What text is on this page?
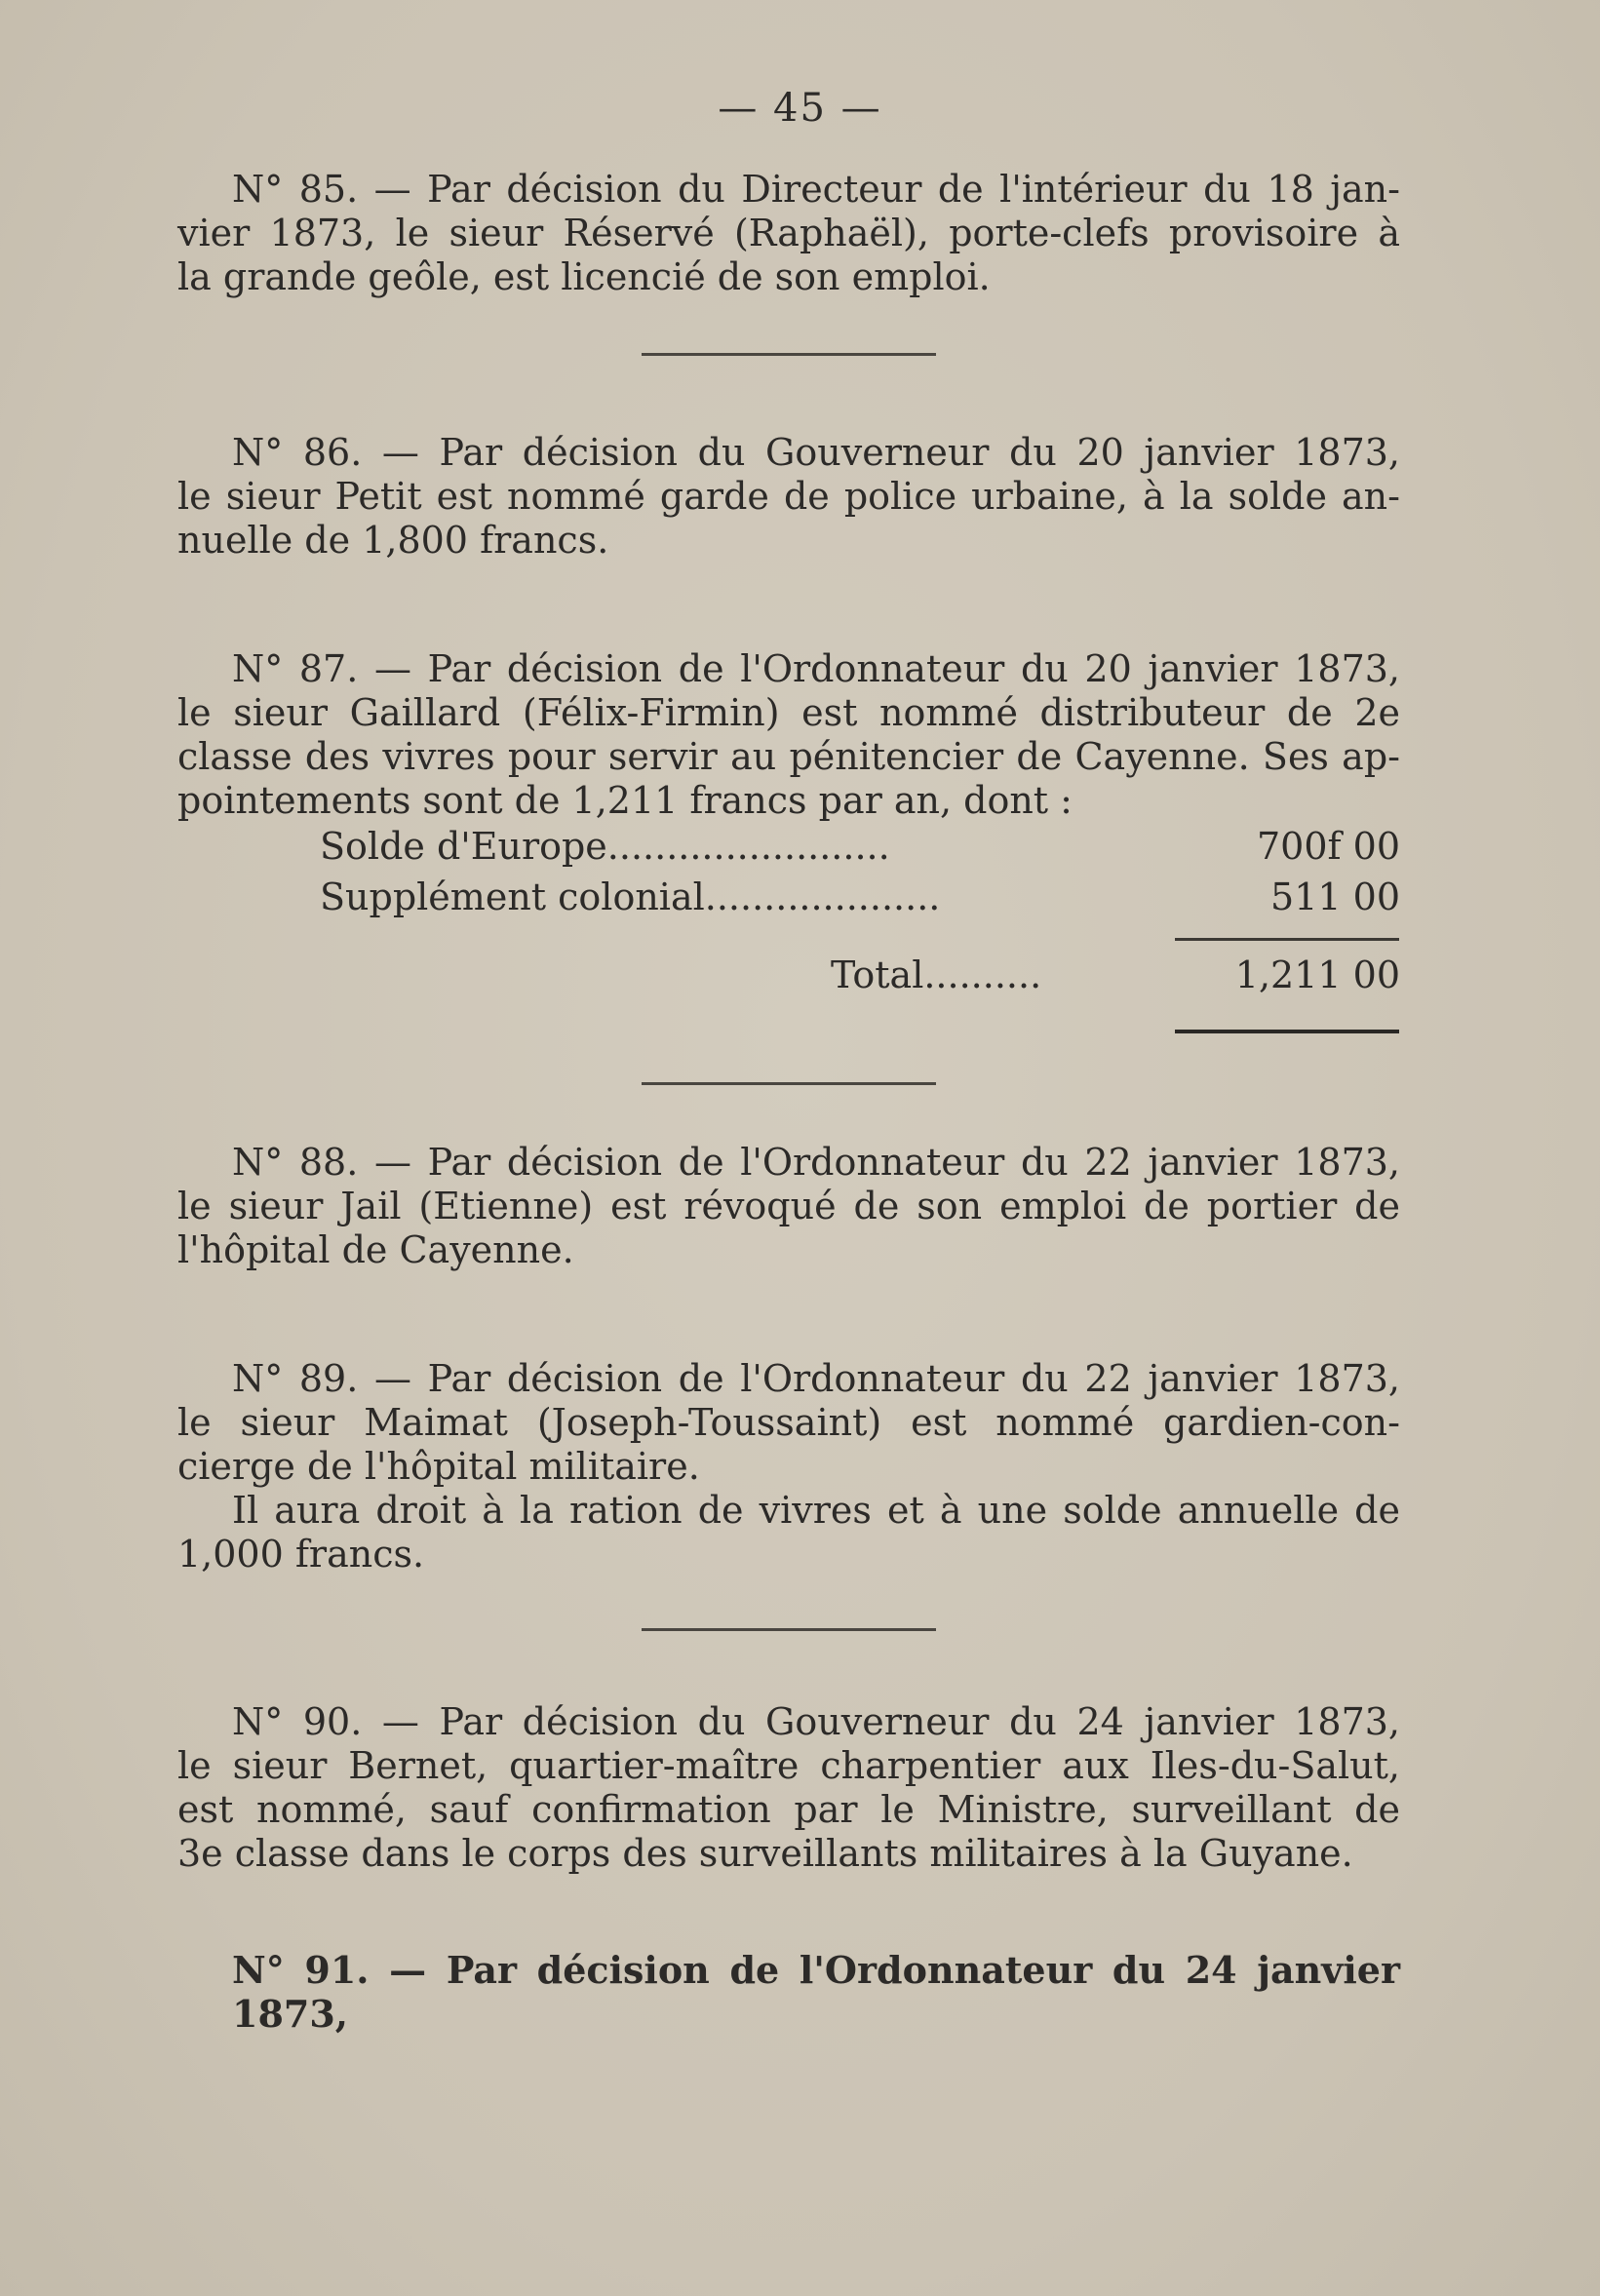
— 45 —
N° 85. — Par décision du Directeur de l'intérieur du 18 jan-
vier 1873, le sieur Réservé (Raphaël), porte-clefs provisoire à
la grande geôle, est licencié de son emploi.
N° 86. — Par décision du Gouverneur du 20 janvier 1873,
le sieur Petit est nommé garde de police urbaine, à la solde an-
nuelle de 1,800 francs.
N° 87. — Par décision de l'Ordonnateur du 20 janvier 1873,
le sieur Gaillard (Félix-Firmin) est nommé distributeur de 2e
classe des vivres pour servir au pénitencier de Cayenne. Ses ap-
pointements sont de 1,211 francs par an, dont :
Solde d'Europe........................	700f 00
Supplément colonial....................	511 00
Total..........	1,211 00
N° 88. — Par décision de l'Ordonnateur du 22 janvier 1873,
le sieur Jail (Etienne) est révoqué de son emploi de portier de
l'hôpital de Cayenne.
N° 89. — Par décision de l'Ordonnateur du 22 janvier 1873,
le sieur Maimat (Joseph-Toussaint) est nommé gardien-con-
cierge de l'hôpital militaire.
Il aura droit à la ration de vivres et à une solde annuelle de
1,000 francs.
N° 90. — Par décision du Gouverneur du 24 janvier 1873,
le sieur Bernet, quartier-maître charpentier aux Iles-du-Salut,
est nommé, sauf confirmation par le Ministre, surveillant de
3e classe dans le corps des surveillants militaires à la Guyane.
N° 91. — Par décision de l'Ordonnateur du 24 janvier 1873,
